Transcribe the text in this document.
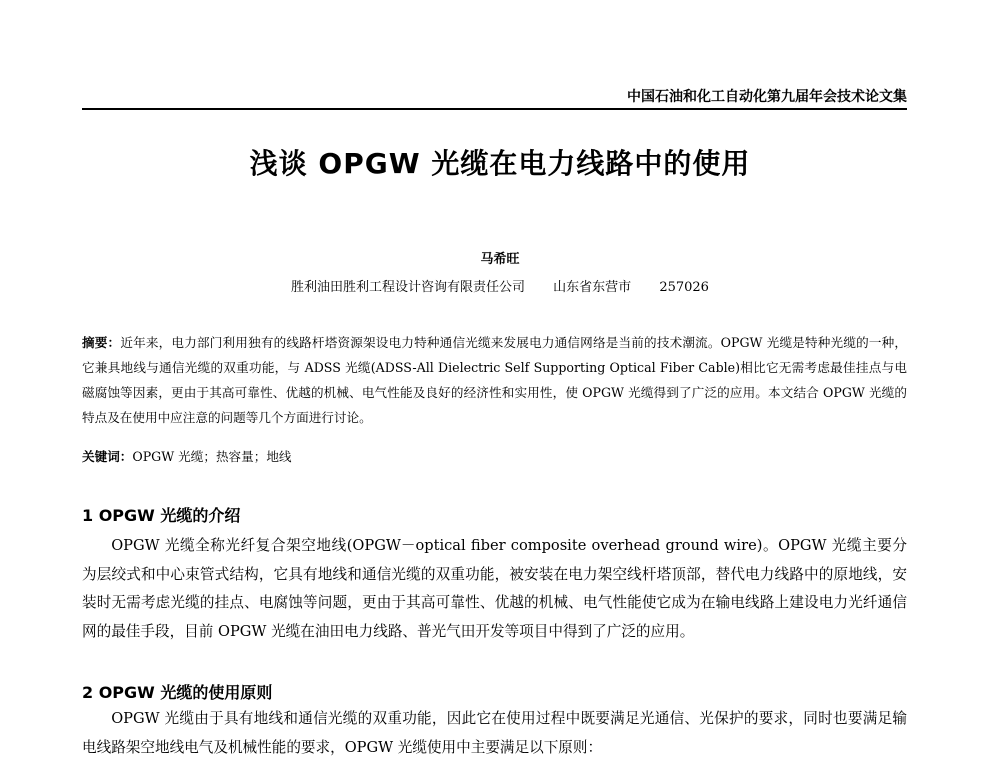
中国石油和化工自动化第九届年会技术论文集
浅谈 OPGW 光缆在电力线路中的使用
马希旺
胜利油田胜利工程设计咨询有限责任公司 山东省东营市 257026
摘要：近年来，电力部门利用独有的线路杆塔资源架设电力特种通信光缆来发展电力通信网络是当前的技术潮流。OPGW 光缆是特种光缆的一种，它兼具地线与通信光缆的双重功能，与 ADSS 光缆(ADSS-All Dielectric Self Supporting Optical Fiber Cable)相比它无需考虑最佳挂点与电磁腐蚀等因素，更由于其高可靠性、优越的机械、电气性能及良好的经济性和实用性，使 OPGW 光缆得到了广泛的应用。本文结合 OPGW 光缆的特点及在使用中应注意的问题等几个方面进行讨论。
关键词：OPGW 光缆；热容量；地线
1 OPGW 光缆的介绍
OPGW 光缆全称光纤复合架空地线(OPGW－optical fiber composite overhead ground wire)。OPGW 光缆主要分为层绞式和中心束管式结构，它具有地线和通信光缆的双重功能，被安装在电力架空线杆塔顶部，替代电力线路中的原地线，安装时无需考虑光缆的挂点、电腐蚀等问题，更由于其高可靠性、优越的机械、电气性能使它成为在输电线路上建设电力光纤通信网的最佳手段，目前 OPGW 光缆在油田电力线路、普光气田开发等项目中得到了广泛的应用。
2 OPGW 光缆的使用原则
OPGW 光缆由于具有地线和通信光缆的双重功能，因此它在使用过程中既要满足光通信、光保护的要求，同时也要满足输电线路架空地线电气及机械性能的要求，OPGW 光缆使用中主要满足以下原则：
